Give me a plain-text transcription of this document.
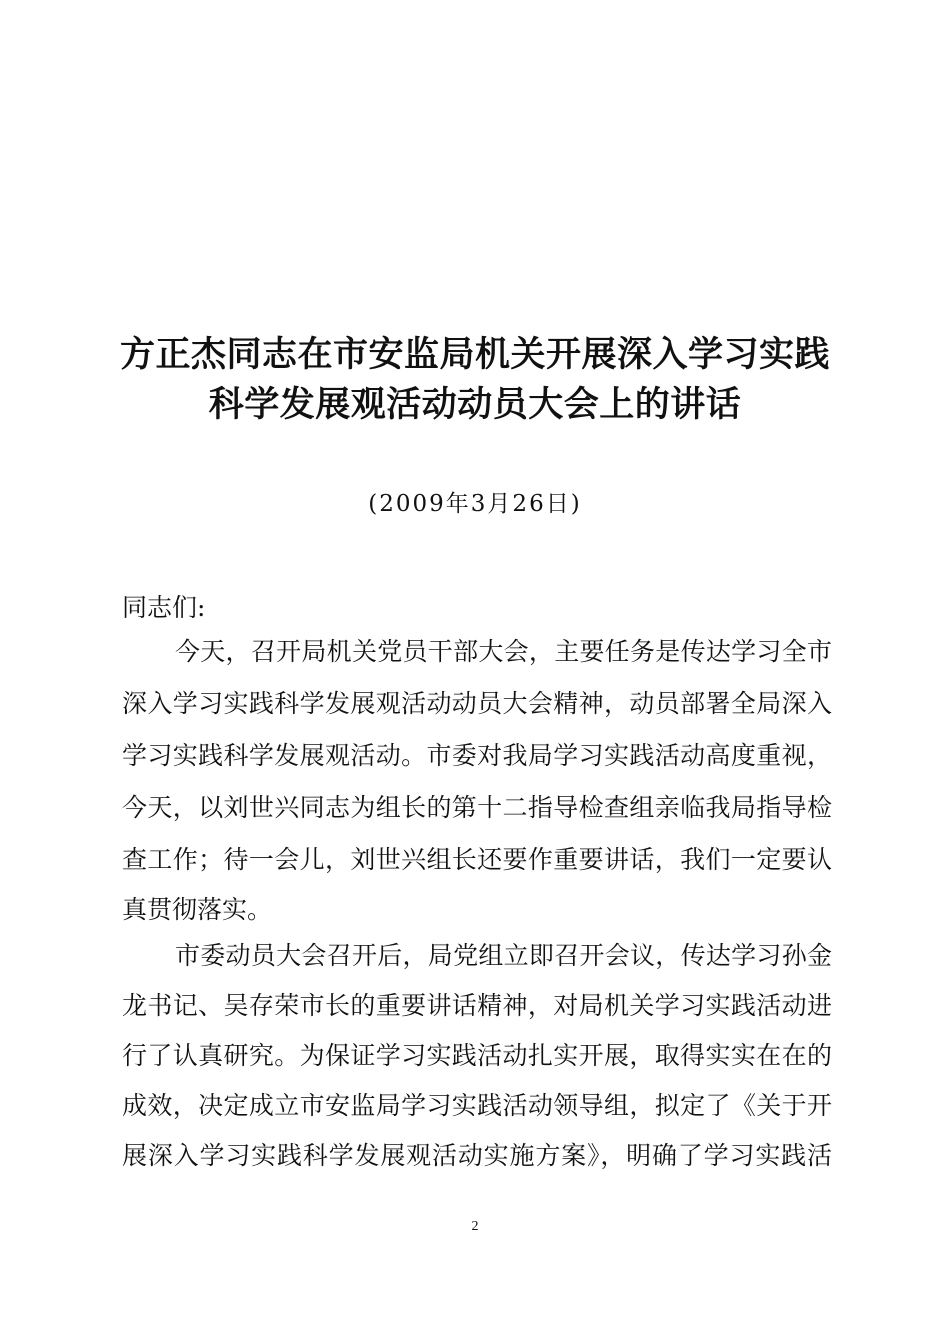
方正杰同志在市安监局机关开展深入学习实践
科学发展观活动动员大会上的讲话
(2009年3月26日)
同志们:
今天，召开局机关党员干部大会，主要任务是传达学习全市
深入学习实践科学发展观活动动员大会精神，动员部署全局深入
学习实践科学发展观活动。市委对我局学习实践活动高度重视，
今天，以刘世兴同志为组长的第十二指导检查组亲临我局指导检
查工作；待一会儿，刘世兴组长还要作重要讲话，我们一定要认
真贯彻落实。
市委动员大会召开后，局党组立即召开会议，传达学习孙金
龙书记、吴存荣市长的重要讲话精神，对局机关学习实践活动进
行了认真研究。为保证学习实践活动扎实开展，取得实实在在的
成效，决定成立市安监局学习实践活动领导组，拟定了《关于开
展深入学习实践科学发展观活动实施方案》，明确了学习实践活
2
